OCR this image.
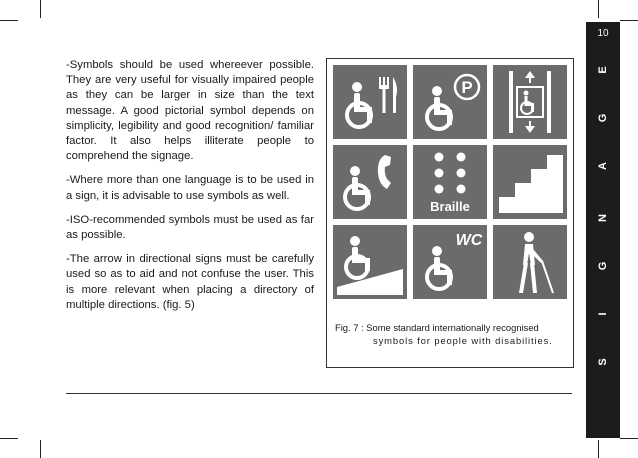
-Symbols should be used whereever possible. They are very useful for visually impaired people as they can be larger in size than the text message. A good pictorial symbol depends on simplicity, legibility and good recognition/ familiar factor. It also helps illiterate people to comprehend the signage.

-Where more than one language is to be used in a sign, it is advisable to use symbols as well.

-ISO-recommended symbols must be used as far as possible.

-The arrow in directional signs must be carefully used so as to aid and not confuse the user. This is more relevant when placing a directory of multiple directions. (fig. 5)

P
Braille
WC
Fig. 7 : Some standard internationally recognised
symbols for people with disabilities.
10
E
G
A
N
G
I
S
